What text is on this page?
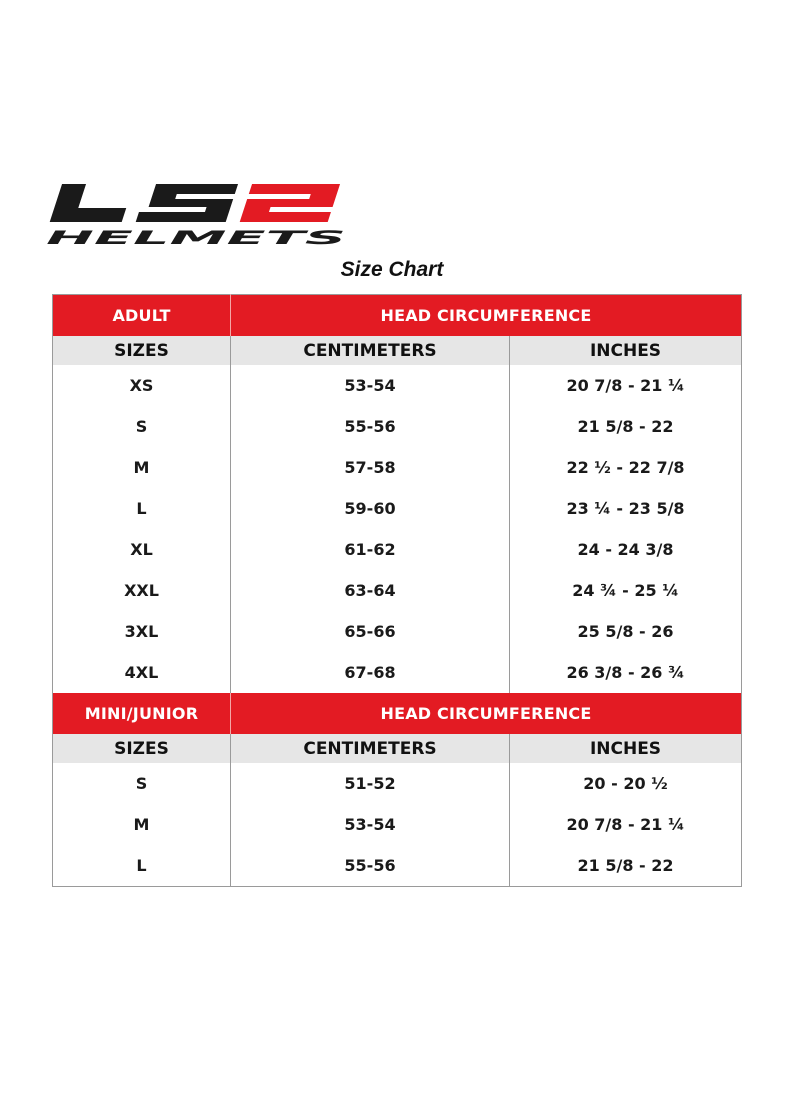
HELMETS
Size Chart
ADULT	HEAD CIRCUMFERENCE	
SIZES	CENTIMETERS	INCHES
XS	53-54	20 7/8 - 21 ¼
S	55-56	21 5/8 - 22
M	57-58	22 ½ - 22 7/8
L	59-60	23 ¼ - 23 5/8
XL	61-62	24 - 24 3/8
XXL	63-64	24 ¾ - 25 ¼
3XL	65-66	25 5/8 - 26
4XL	67-68	26 3/8 - 26 ¾
MINI/JUNIOR	HEAD CIRCUMFERENCE	
SIZES	CENTIMETERS	INCHES
S	51-52	20 - 20 ½
M	53-54	20 7/8 - 21 ¼
L	55-56	21 5/8 - 22
